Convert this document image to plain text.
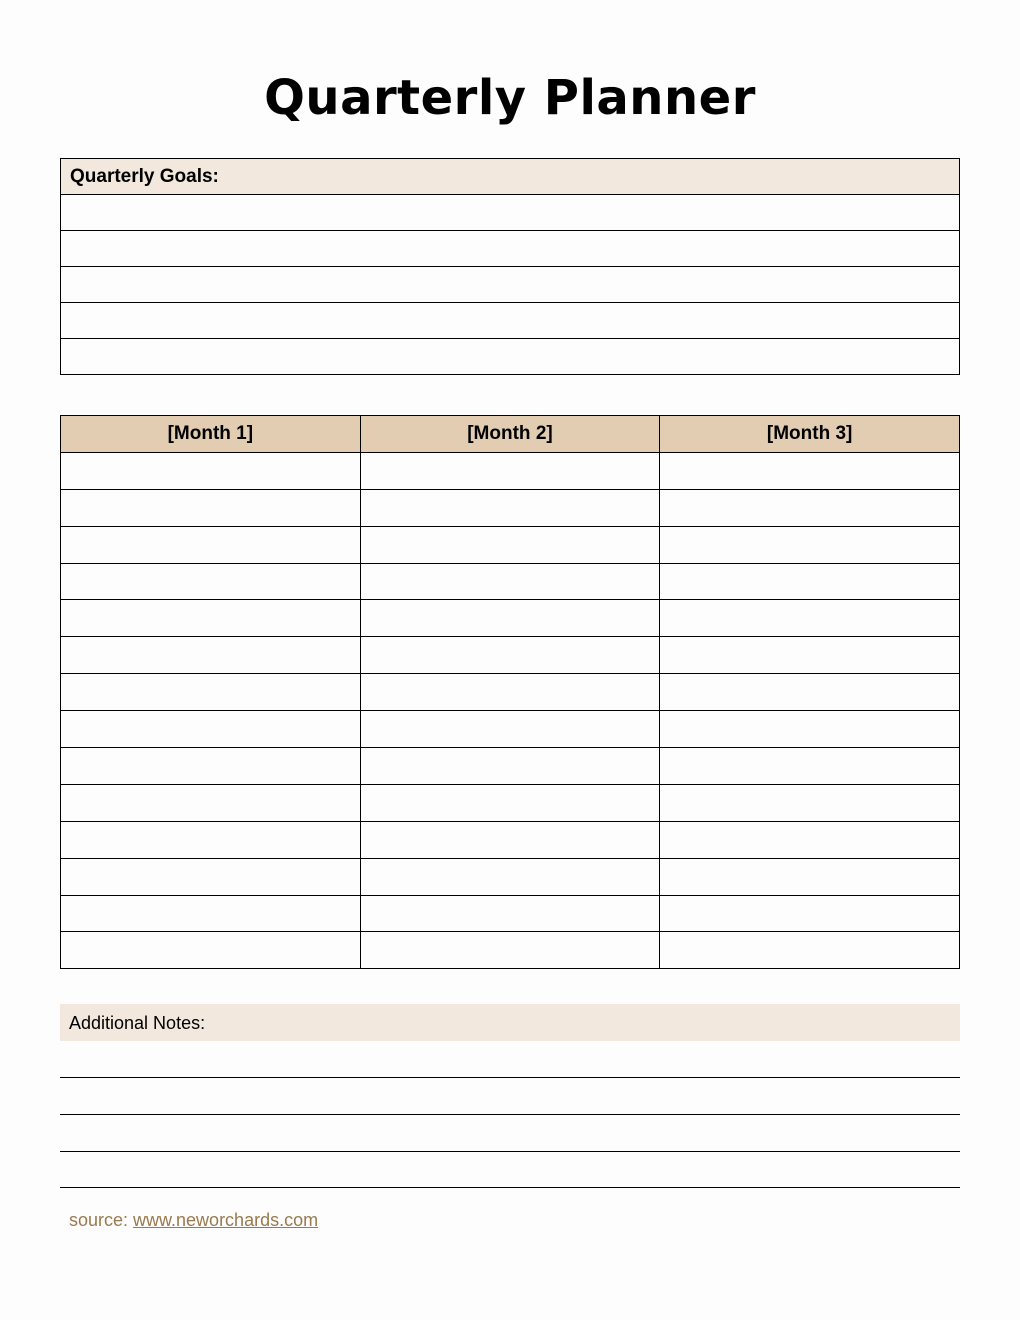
Quarterly Planner
Quarterly Goals:

[Month 1]	[Month 2]	[Month 3]

Additional Notes:
source: www.neworchards.com
